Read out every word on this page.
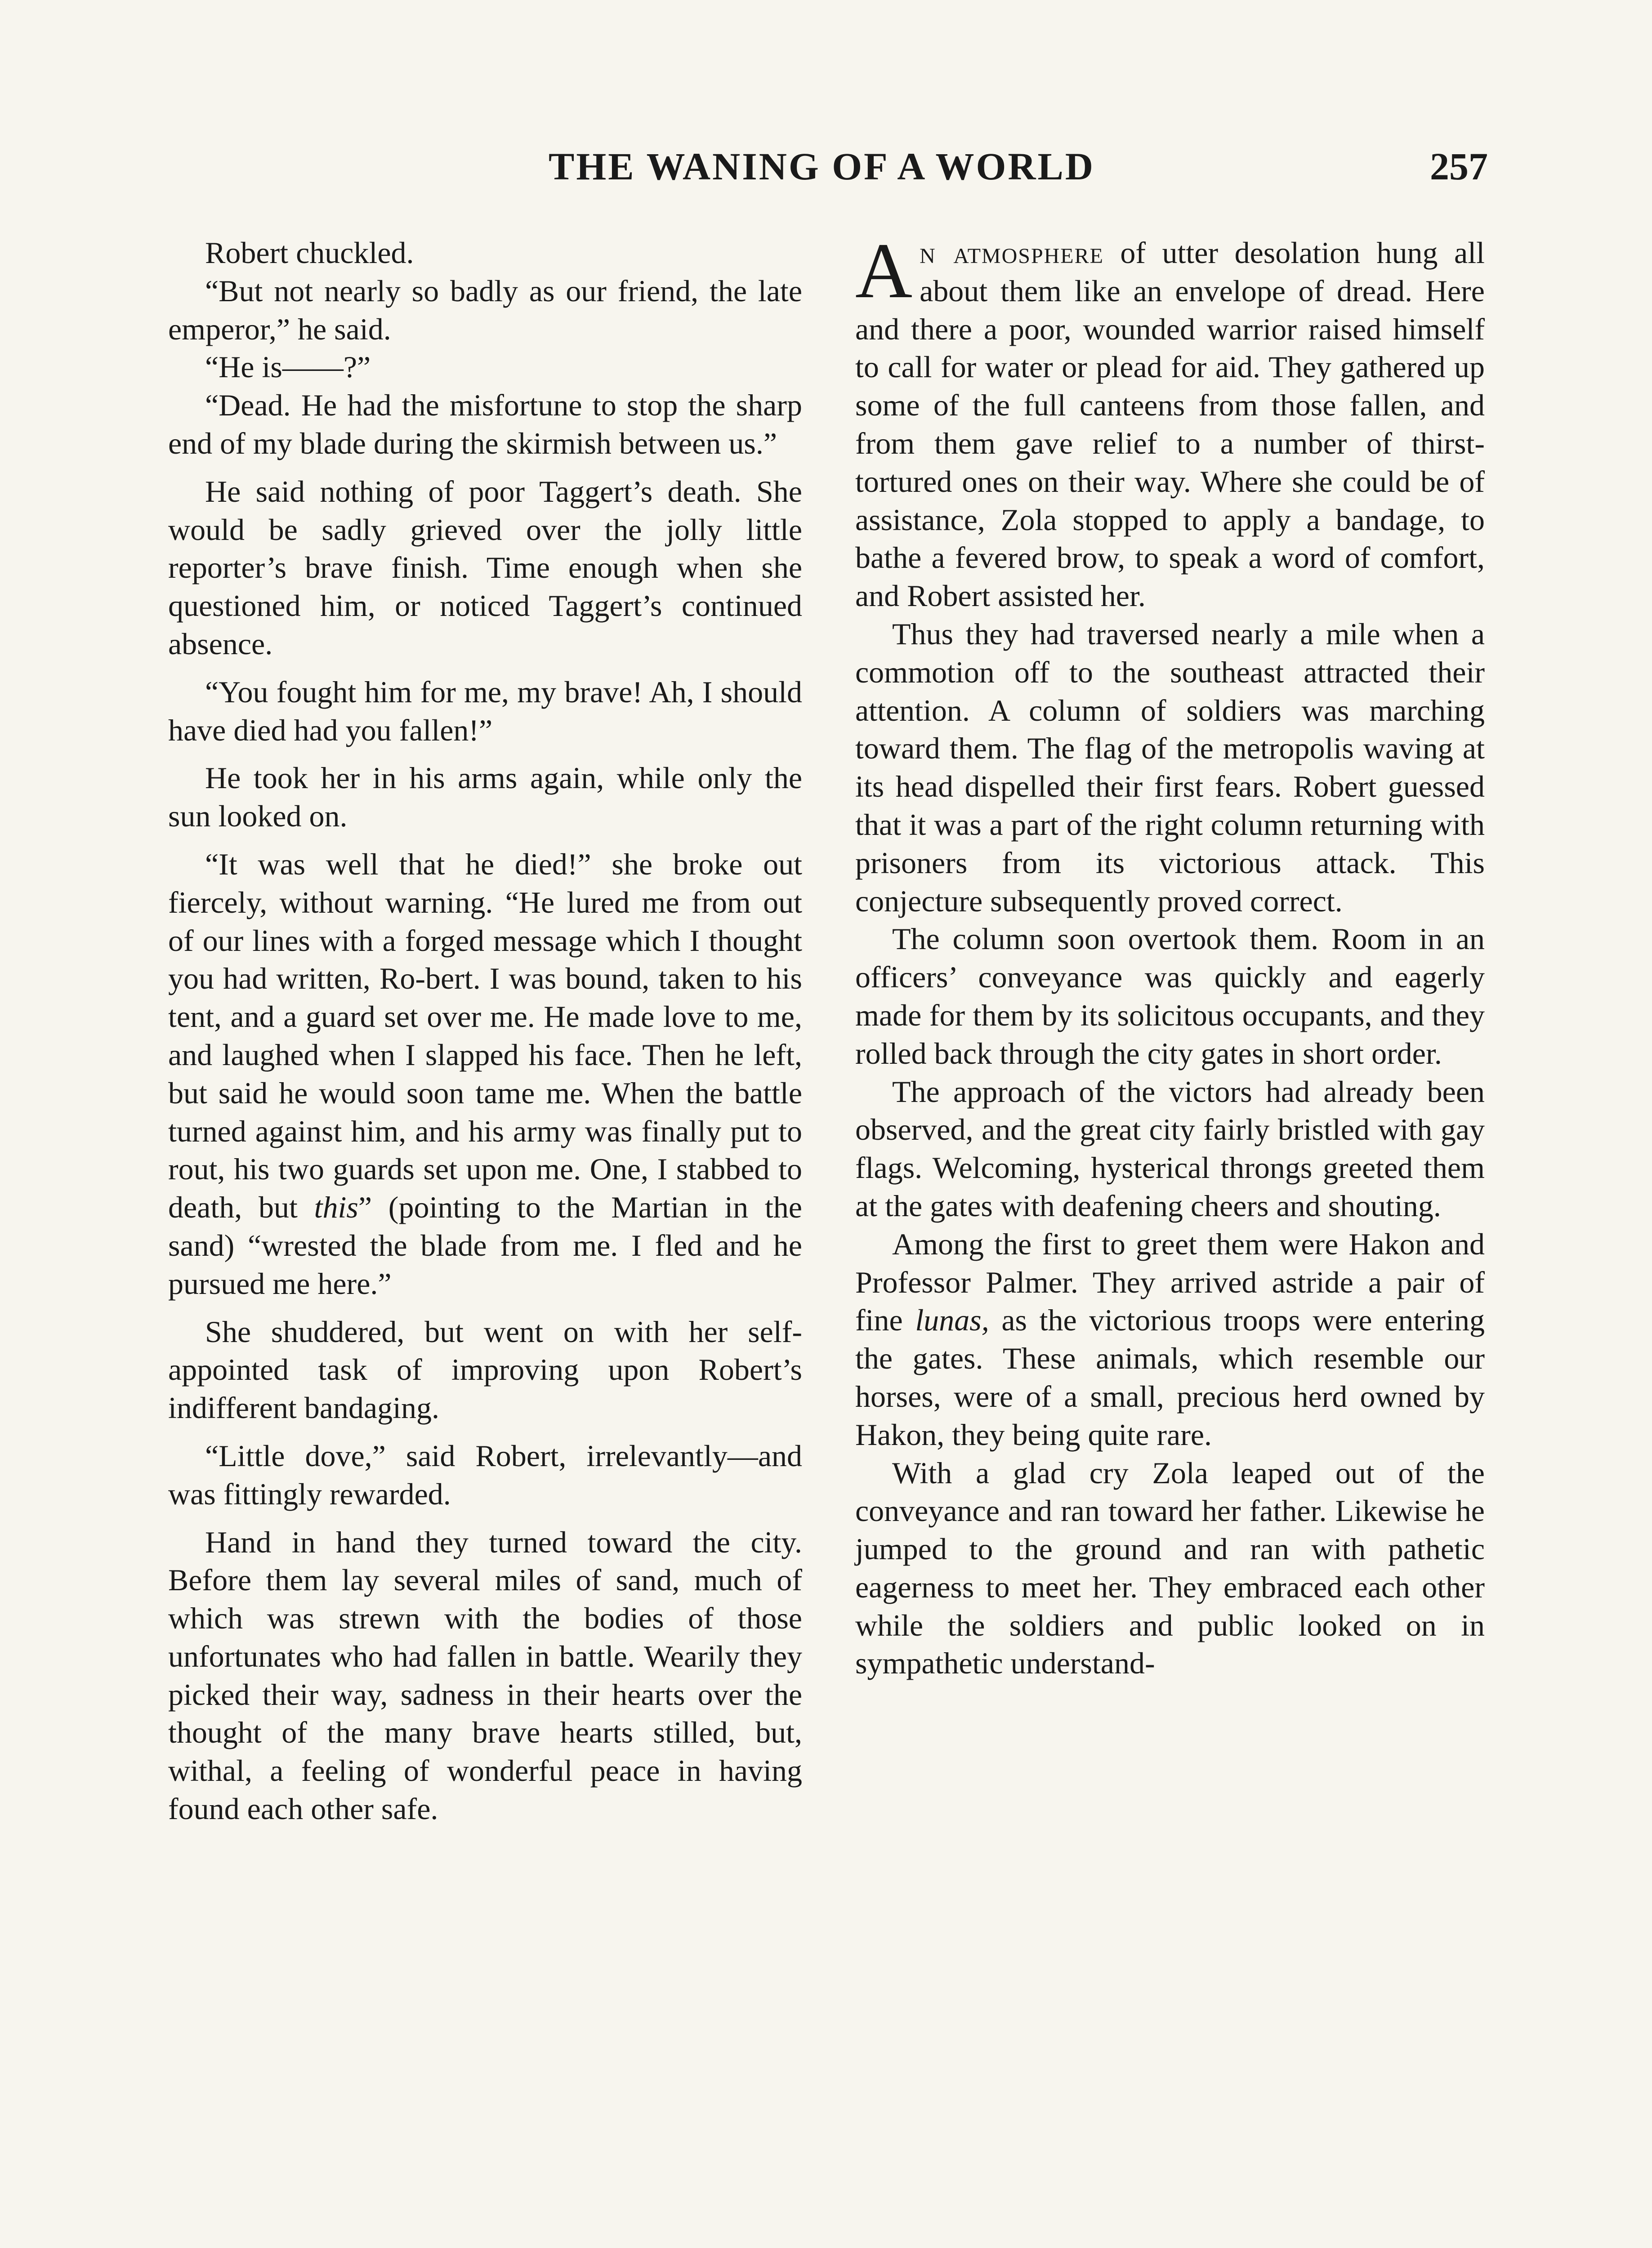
THE WANING OF A WORLD	257

Robert chuckled.

“But not nearly so badly as our friend, the late emperor,” he said.

“He is——?”

“Dead. He had the misfortune to stop the sharp end of my blade during the skirmish between us.”

He said nothing of poor Taggert’s death. She would be sadly grieved over the jolly little reporter’s brave finish. Time enough when she questioned him, or noticed Taggert’s continued absence.

“You fought him for me, my brave! Ah, I should have died had you fallen!”

He took her in his arms again, while only the sun looked on.

“It was well that he died!” she broke out fiercely, without warning. “He lured me from out of our lines with a forged message which I thought you had written, Ro-bert. I was bound, taken to his tent, and a guard set over me. He made love to me, and laughed when I slapped his face. Then he left, but said he would soon tame me. When the battle turned against him, and his army was finally put to rout, his two guards set upon me. One, I stabbed to death, but this” (pointing to the Martian in the sand) “wrested the blade from me. I fled and he pursued me here.”

She shuddered, but went on with her self-appointed task of improving upon Robert’s indifferent bandaging.

“Little dove,” said Robert, irrelevantly—and was fittingly rewarded.

Hand in hand they turned toward the city. Before them lay several miles of sand, much of which was strewn with the bodies of those unfortunates who had fallen in battle. Wearily they picked their way, sadness in their hearts over the thought of the many brave hearts stilled, but, withal, a feeling of wonderful peace in having found each other safe.

An atmosphere of utter desolation hung all about them like an envelope of dread. Here and there a poor, wounded warrior raised himself to call for water or plead for aid. They gathered up some of the full canteens from those fallen, and from them gave relief to a number of thirst-tortured ones on their way. Where she could be of assistance, Zola stopped to apply a bandage, to bathe a fevered brow, to speak a word of comfort, and Robert assisted her.

Thus they had traversed nearly a mile when a commotion off to the southeast attracted their attention. A column of soldiers was marching toward them. The flag of the metropolis waving at its head dispelled their first fears. Robert guessed that it was a part of the right column returning with prisoners from its victorious attack. This conjecture subsequently proved correct.

The column soon overtook them. Room in an officers’ conveyance was quickly and eagerly made for them by its solicitous occupants, and they rolled back through the city gates in short order.

The approach of the victors had already been observed, and the great city fairly bristled with gay flags. Welcoming, hysterical throngs greeted them at the gates with deafening cheers and shouting.

Among the first to greet them were Hakon and Professor Palmer. They arrived astride a pair of fine lunas, as the victorious troops were entering the gates. These animals, which resemble our horses, were of a small, precious herd owned by Hakon, they being quite rare.

With a glad cry Zola leaped out of the conveyance and ran toward her father. Likewise he jumped to the ground and ran with pathetic eagerness to meet her. They embraced each other while the soldiers and public looked on in sympathetic understand-
